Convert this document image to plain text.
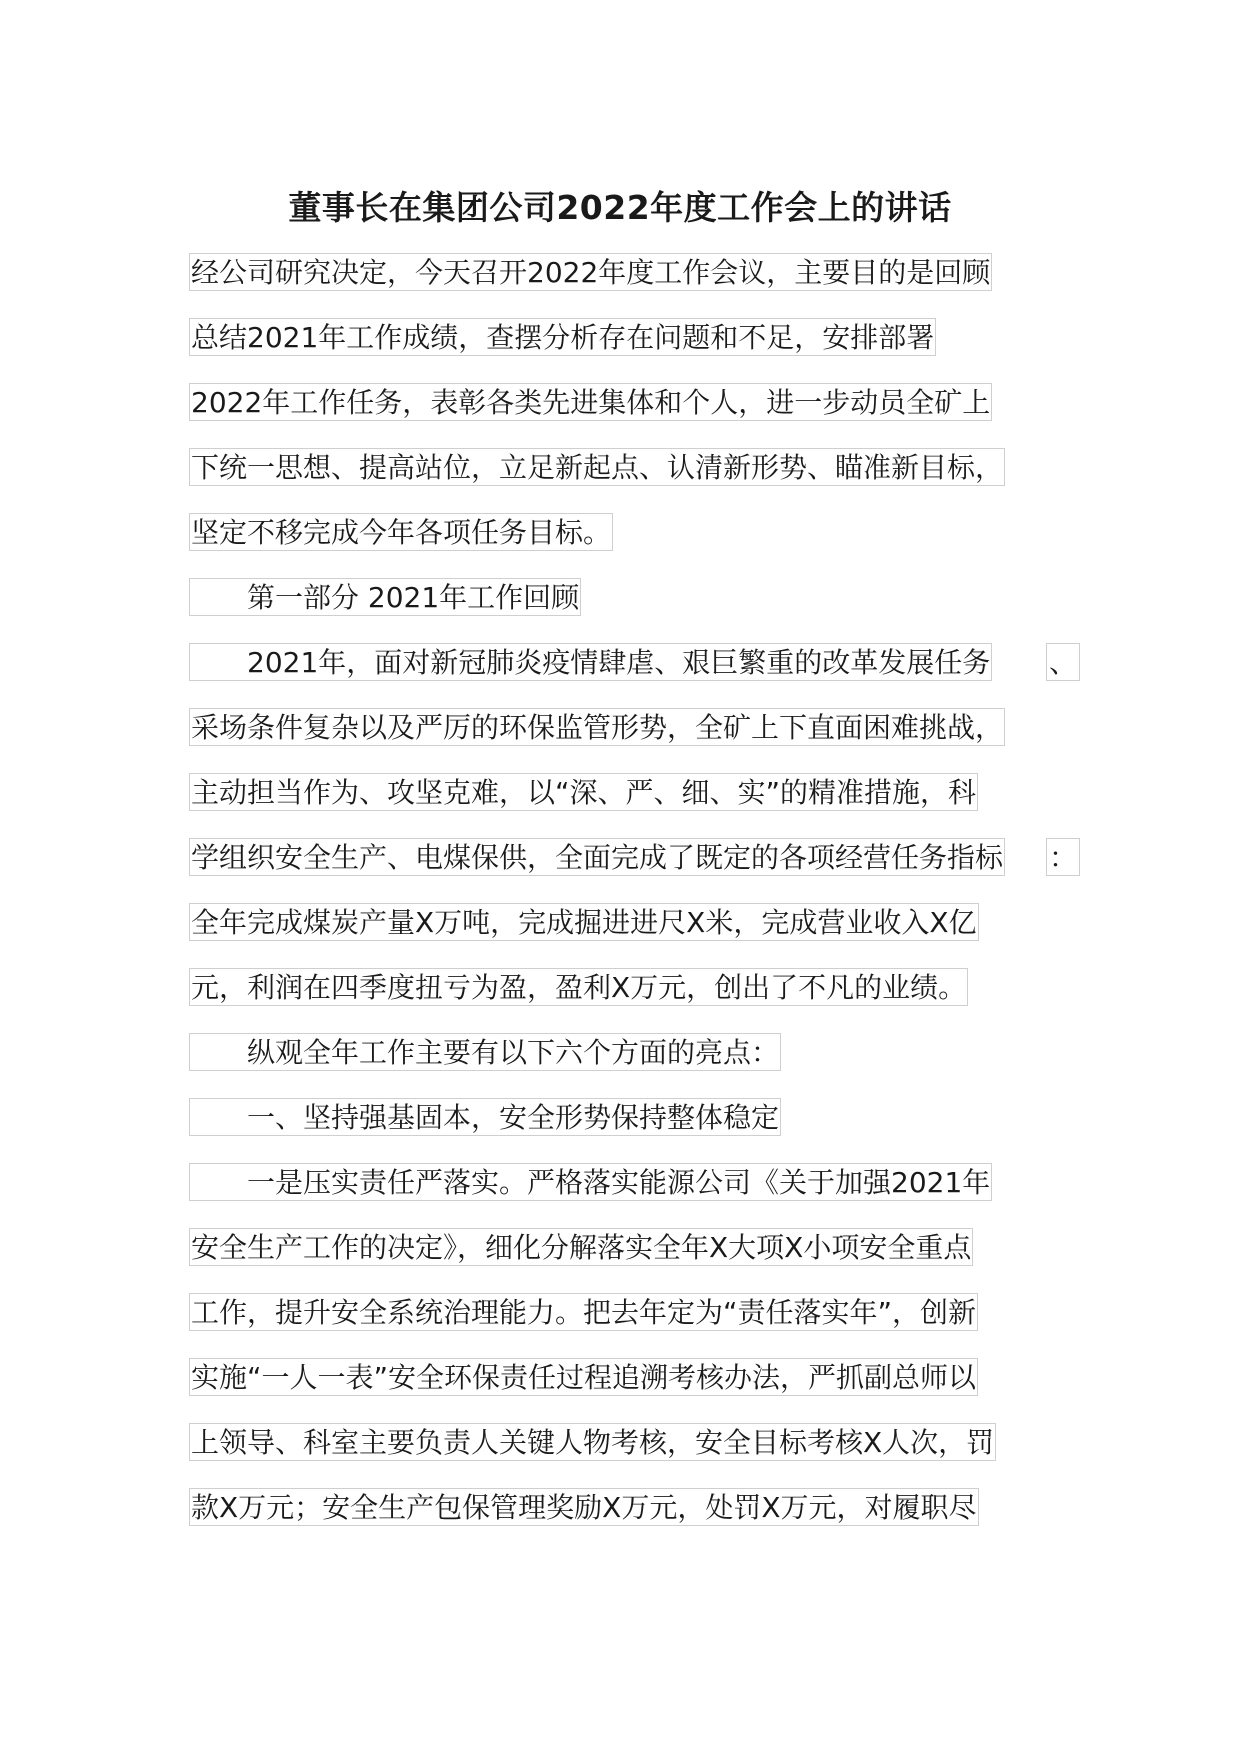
董事长在集团公司2022年度工作会上的讲话
经公司研究决定，今天召开2022年度工作会议，主要目的是回顾
总结2021年工作成绩，查摆分析存在问题和不足，安排部署
2022年工作任务，表彰各类先进集体和个人，进一步动员全矿上
下统一思想、提高站位，立足新起点、认清新形势、瞄准新目标，
坚定不移完成今年各项任务目标。
第一部分 2021年工作回顾
2021年，面对新冠肺炎疫情肆虐、艰巨繁重的改革发展任务 、
采场条件复杂以及严厉的环保监管形势，全矿上下直面困难挑战，
主动担当作为、攻坚克难，以“深、严、细、实”的精准措施，科
学组织安全生产、电煤保供，全面完成了既定的各项经营任务指标 ：
全年完成煤炭产量X万吨，完成掘进进尺X米，完成营业收入X亿
元，利润在四季度扭亏为盈，盈利X万元，创出了不凡的业绩。
纵观全年工作主要有以下六个方面的亮点：
一、坚持强基固本，安全形势保持整体稳定
一是压实责任严落实。严格落实能源公司《关于加强2021年
安全生产工作的决定》，细化分解落实全年X大项X小项安全重点
工作，提升安全系统治理能力。把去年定为“责任落实年”，创新
实施“一人一表”安全环保责任过程追溯考核办法，严抓副总师以
上领导、科室主要负责人关键人物考核，安全目标考核X人次，罚
款X万元；安全生产包保管理奖励X万元，处罚X万元，对履职尽
